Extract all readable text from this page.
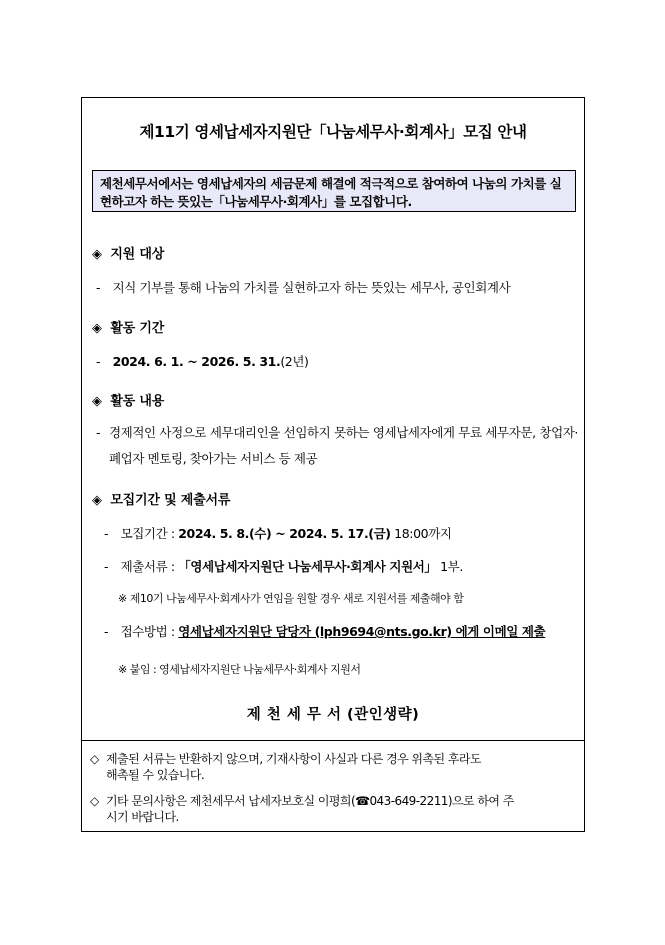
제11기 영세납세자지원단「나눔세무사·회계사」모집 안내
제천세무서에서는 영세납세자의 세금문제 해결에 적극적으로 참여하여 나눔의 가치를 실현하고자 하는 뜻있는「나눔세무사·회계사」를 모집합니다.
◈ 지원 대상
- 지식 기부를 통해 나눔의 가치를 실현하고자 하는 뜻있는 세무사, 공인회계사
◈ 활동 기간
- 2024. 6. 1. ~ 2026. 5. 31.(2년)
◈ 활동 내용
- 경제적인 사정으로 세무대리인을 선임하지 못하는 영세납세자에게 무료 세무자문, 창업자·폐업자 멘토링, 찾아가는 서비스 등 제공
◈ 모집기간 및 제출서류
- 모집기간 : 2024. 5. 8.(수) ~ 2024. 5. 17.(금) 18:00까지
- 제출서류 : 「영세납세자지원단 나눔세무사·회계사 지원서」 1부.
※ 제10기 나눔세무사·회계사가 연임을 원할 경우 새로 지원서를 제출해야 함
- 접수방법 : 영세납세자지원단 담당자 (lph9694@nts.go.kr) 에게 이메일 제출
※ 붙임 : 영세납세자지원단 나눔세무사·회계사 지원서
제 천 세 무 서 (관인생략)
◇ 제출된 서류는 반환하지 않으며, 기재사항이 사실과 다른 경우 위촉된 후라도
해촉될 수 있습니다.
◇ 기타 문의사항은 제천세무서 납세자보호실 이평희(☎043-649-2211)으로 하여 주
시기 바랍니다.
